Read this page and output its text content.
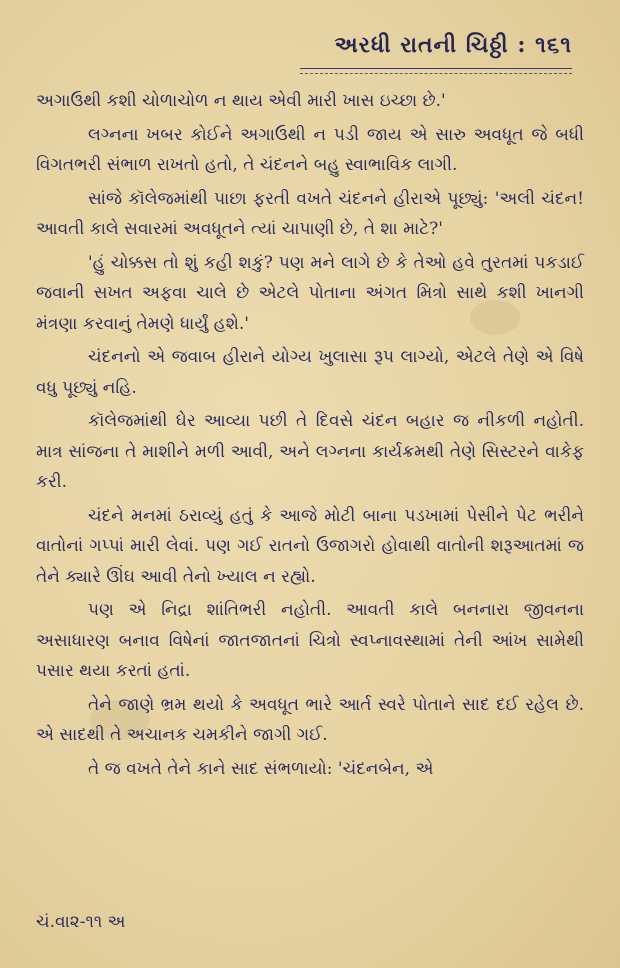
અરધી રાતની ચિઠ્ઠી : ૧૬૧

અગાઉથી કશી ચોળાચોળ ન થાય એવી મારી ખાસ ઇચ્છા છે.'

લગ્નના ખબર કોઈને અગાઉથી ન પડી જાય એ સારુ અવધૂત જે બધી વિગતભરી સંભાળ રાખતો હતો, તે ચંદનને બહુ સ્વાભાવિક લાગી.

સાંજે કૉલેજમાંથી પાછા ફરતી વખતે ચંદનને હીરાએ પૂછ્યું: 'અલી ચંદન! આવતી કાલે સવારમાં અવધૂતને ત્યાં ચાપાણી છે, તે શા માટે?'

'હું ચોક્કસ તો શું કહી શકું? પણ મને લાગે છે કે તેઓ હવે તુરતમાં પકડાઈ જવાની સખત અફવા ચાલે છે એટલે પોતાના અંગત મિત્રો સાથે કશી ખાનગી મંત્રણા કરવાનું તેમણે ધાર્યું હશે.'

ચંદનનો એ જવાબ હીરાને યોગ્ય ખુલાસા રૂપ લાગ્યો, એટલે તેણે એ વિષે વધુ પૂછ્યું નહિ.

કૉલેજમાંથી ઘેર આવ્યા પછી તે દિવસે ચંદન બહાર જ નીકળી નહોતી. માત્ર સાંજના તે માશીને મળી આવી, અને લગ્નના કાર્યક્રમથી તેણે સિસ્ટરને વાકેફ કરી.

ચંદને મનમાં ઠરાવ્યું હતું કે આજે મોટી બાના પડખામાં પેસીને પેટ ભરીને વાતોનાં ગપ્પાં મારી લેવાં. પણ ગઈ રાતનો ઉજાગરો હોવાથી વાતોની શરૂઆતમાં જ તેને ક્યારે ઊંઘ આવી તેનો ખ્યાલ ન રહ્યો.

પણ એ નિદ્રા શાંતિભરી નહોતી. આવતી કાલે બનનારા જીવનના અસાધારણ બનાવ વિષેનાં જાતજાતનાં ચિત્રો સ્વપ્નાવસ્થામાં તેની આંખ સામેથી પસાર થયા કરતાં હતાં.

તેને જાણે ભ્રમ થયો કે અવધૂત ભારે આર્ત સ્વરે પોતાને સાદ દઈ રહેલ છે. એ સાદથી તે અચાનક ચમકીને જાગી ગઈ.

તે જ વખતે તેને કાને સાદ સંભળાયો: 'ચંદનબેન, એ

ચં.વા૨-૧૧ અ
